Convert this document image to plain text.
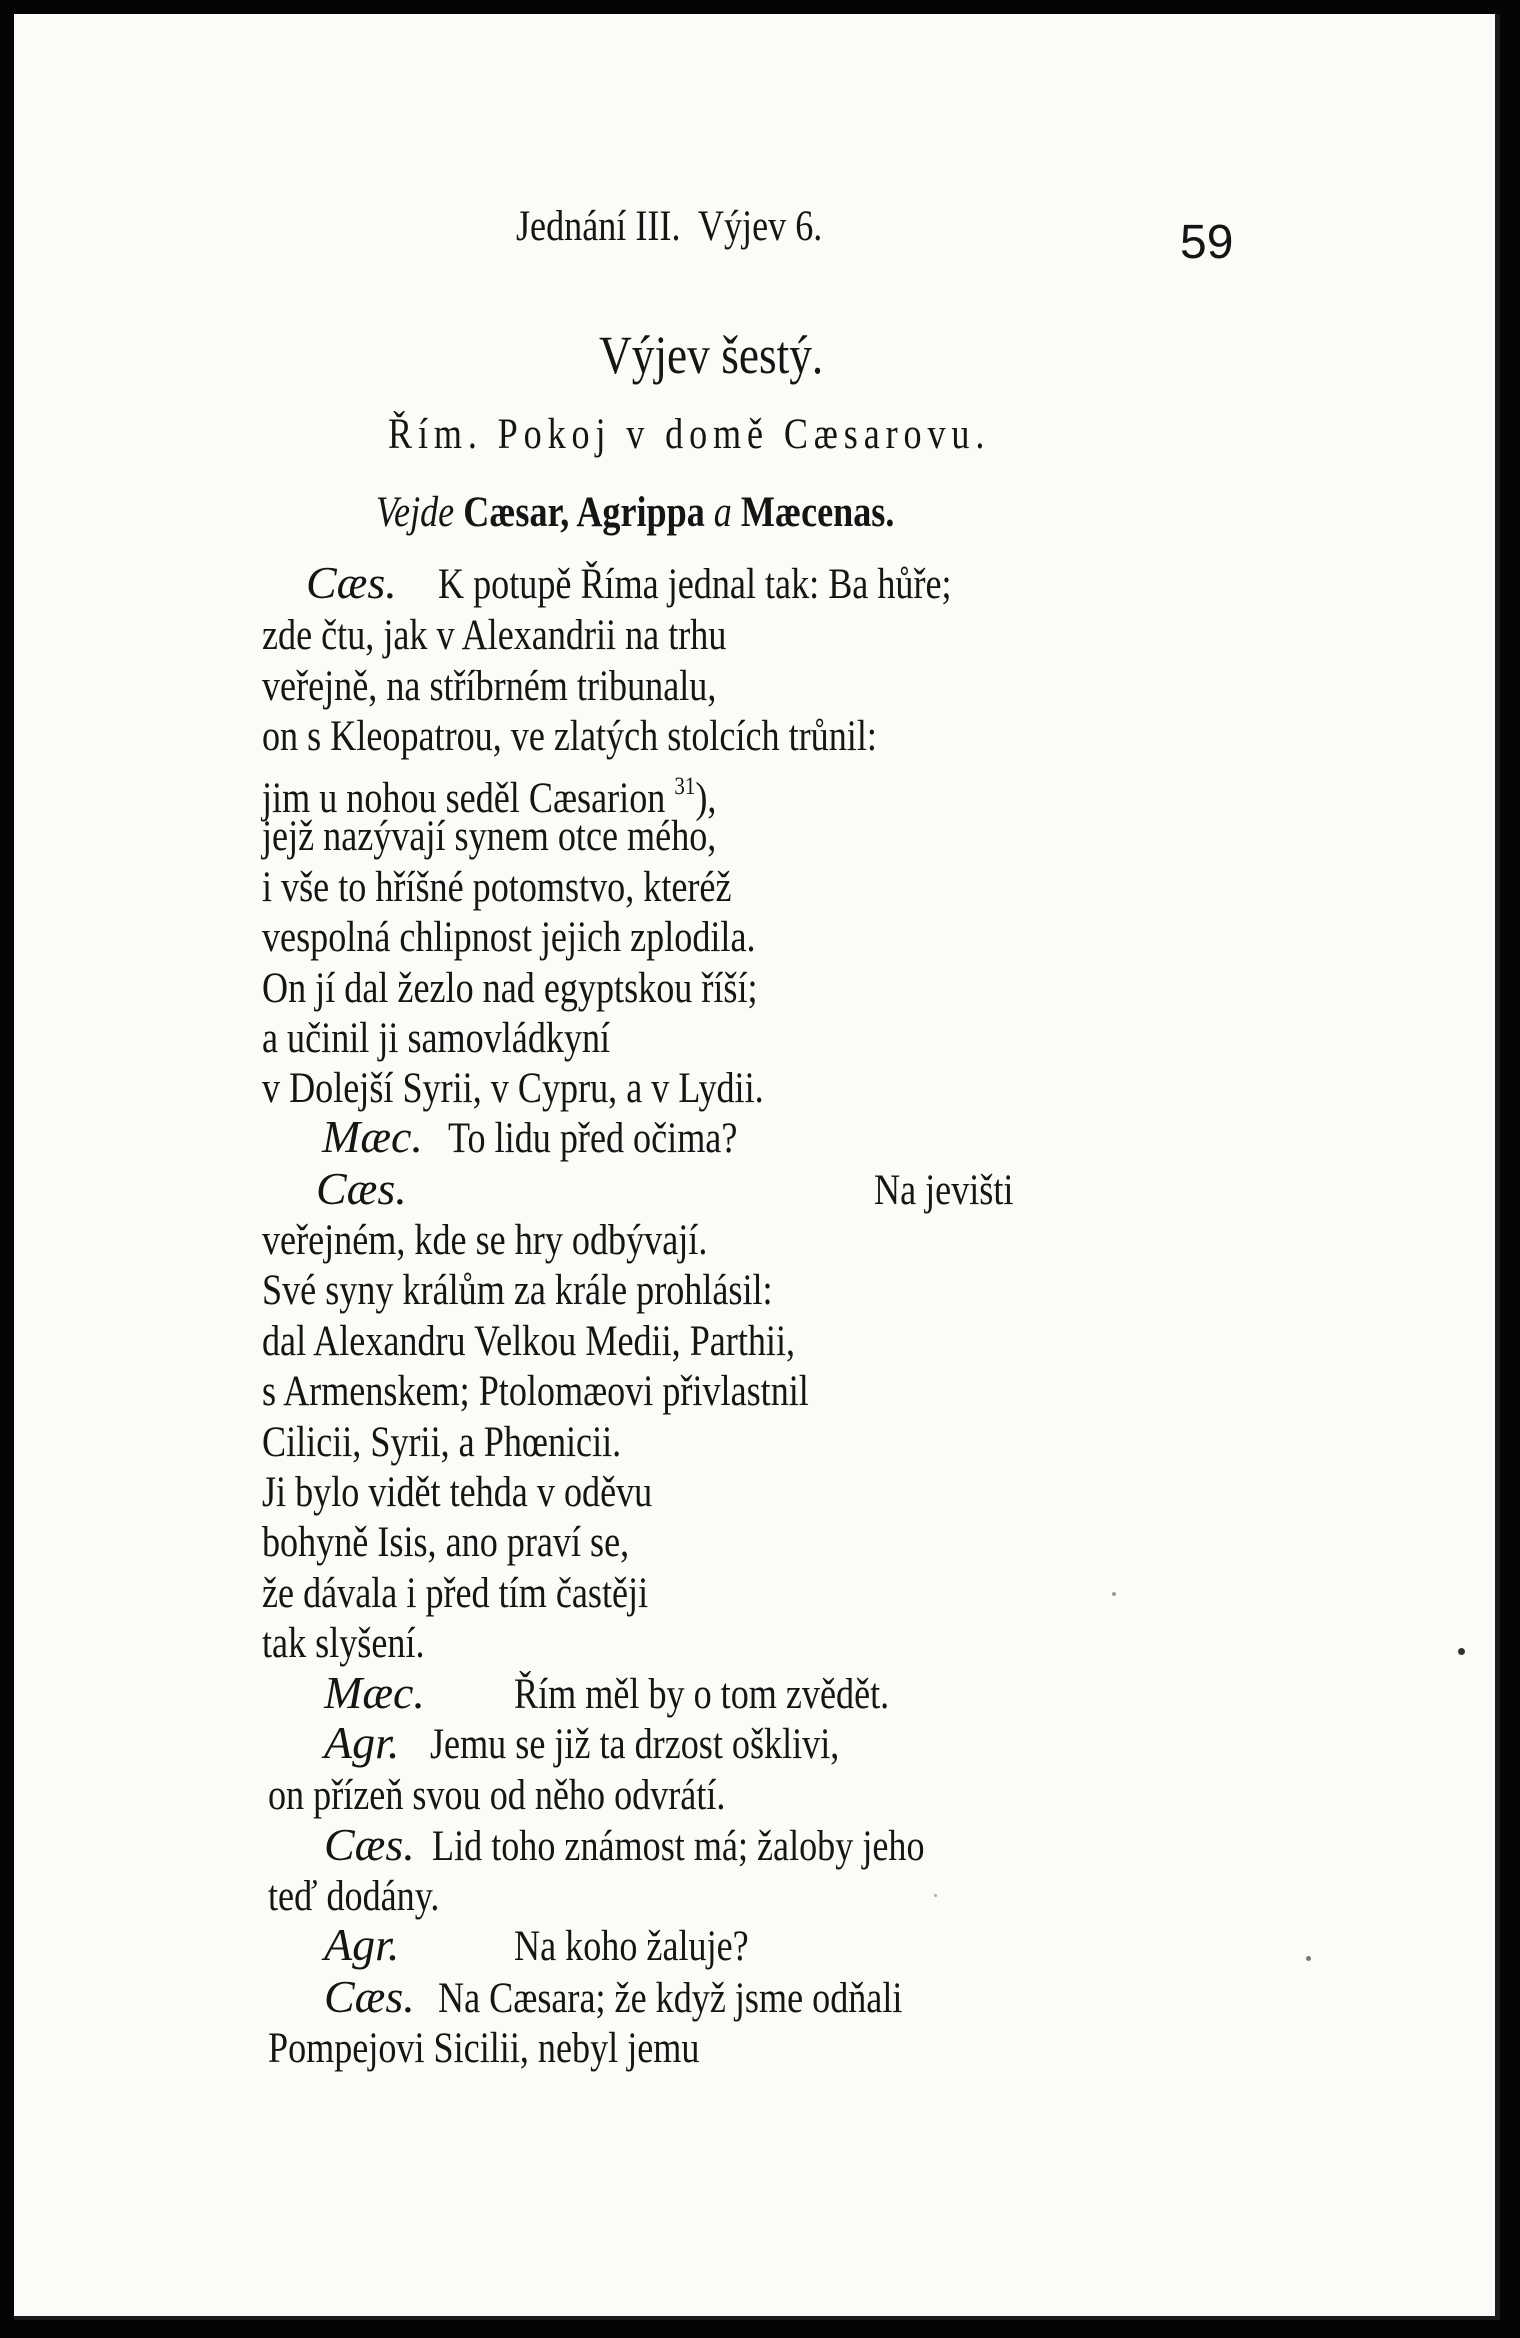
Jednání III.  Výjev 6.	59
Výjev šestý.
Řím. Pokoj v domě Cæsarovu.
Vejde Cæsar, Agrippa a Mæcenas.
Cæs. K potupě Říma jednal tak: Ba hůře;
zde čtu, jak v Alexandrii na trhu
veřejně, na stříbrném tribunalu,
on s Kleopatrou, ve zlatých stolcích trůnil:
jim u nohou seděl Cæsarion $^{31}$),
jejž nazývají synem otce mého,
i vše to hříšné potomstvo, kteréž
vespolná chlipnost jejich zplodila.
On jí dal žezlo nad egyptskou říší;
a učinil ji samovládkyní
v Dolejší Syrii, v Cypru, a v Lydii.
Mæc. To lidu před očima?
Cæs.	Na jevišti
veřejném, kde se hry odbývají.
Své syny králům za krále prohlásil:
dal Alexandru Velkou Medii, Parthii,
s Armenskem; Ptolomæovi přivlastnil
Cilicii, Syrii, a Phœnicii.
Ji bylo vidět tehda v oděvu
bohyně Isis, ano praví se,
že dávala i před tím častěji
tak slyšení.
Mæc. Řím měl by o tom zvědět.
Agr. Jemu se již ta drzost ošklivi,
on přízeň svou od něho odvrátí.
Cæs. Lid toho známost má; žaloby jeho
teď dodány.
Agr.	Na koho žaluje?
Cæs. Na Cæsara; že když jsme odňali
Pompejovi Sicilii, nebyl jemu
